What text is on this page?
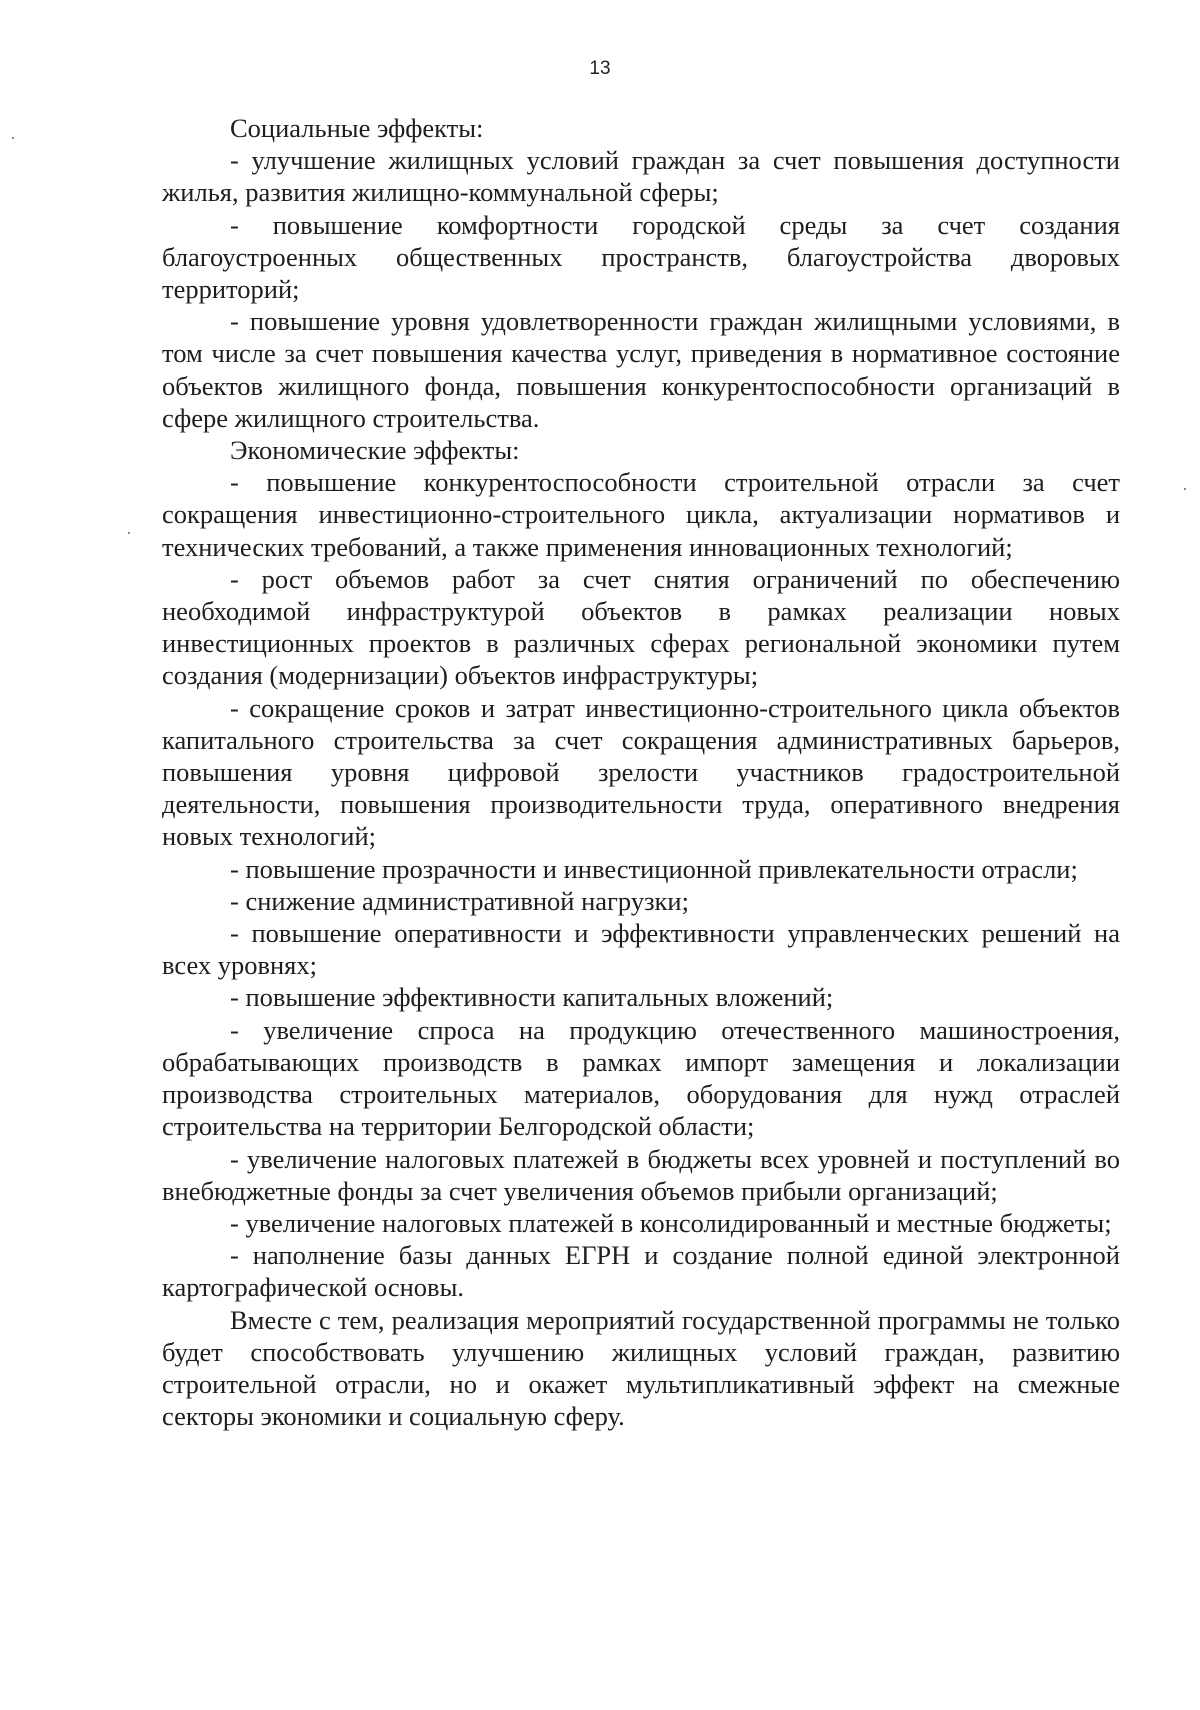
13

Социальные эффекты:

- улучшение жилищных условий граждан за счет повышения доступности жилья, развития жилищно-коммунальной сферы;

- повышение комфортности городской среды за счет создания благоустроенных общественных пространств, благоустройства дворовых территорий;

- повышение уровня удовлетворенности граждан жилищными условиями, в том числе за счет повышения качества услуг, приведения в нормативное состояние объектов жилищного фонда, повышения конкурентоспособности организаций в сфере жилищного строительства.

Экономические эффекты:

- повышение конкурентоспособности строительной отрасли за счет сокращения инвестиционно-строительного цикла, актуализации нормативов и технических требований, а также применения инновационных технологий;

- рост объемов работ за счет снятия ограничений по обеспечению необходимой инфраструктурой объектов в рамках реализации новых инвестиционных проектов в различных сферах региональной экономики путем создания (модернизации) объектов инфраструктуры;

- сокращение сроков и затрат инвестиционно-строительного цикла объектов капитального строительства за счет сокращения административных барьеров, повышения уровня цифровой зрелости участников градостроительной деятельности, повышения производительности труда, оперативного внедрения новых технологий;

- повышение прозрачности и инвестиционной привлекательности отрасли;

- снижение административной нагрузки;

- повышение оперативности и эффективности управленческих решений на всех уровнях;

- повышение эффективности капитальных вложений;

- увеличение спроса на продукцию отечественного машиностроения, обрабатывающих производств в рамках импорт замещения и локализации производства строительных материалов, оборудования для нужд отраслей строительства на территории Белгородской области;

- увеличение налоговых платежей в бюджеты всех уровней и поступлений во внебюджетные фонды за счет увеличения объемов прибыли организаций;

- увеличение налоговых платежей в консолидированный и местные бюджеты;

- наполнение базы данных ЕГРН и создание полной единой электронной картографической основы.

Вместе с тем, реализация мероприятий государственной программы не только будет способствовать улучшению жилищных условий граждан, развитию строительной отрасли, но и окажет мультипликативный эффект на смежные секторы экономики и социальную сферу.
